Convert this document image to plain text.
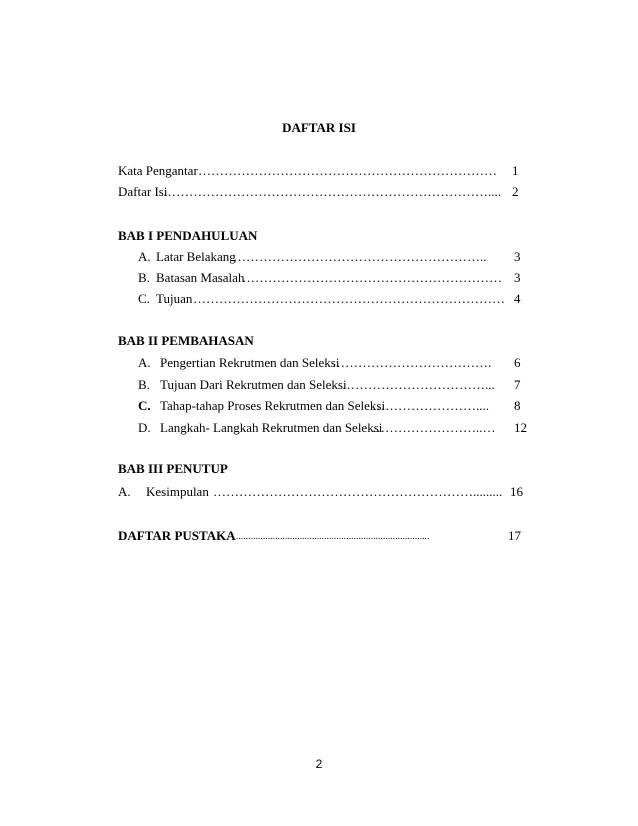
DAFTAR ISI
Kata Pengantar …………………………………………………………… 1
Daftar Isi
………………………………………………………………….... 2
BAB I PENDAHULUAN
A. Latar Belakang
………………………………………………….. 3
B. Batasan Masalah
…………………………………………………… 3
C. Tujuan ……………………………………………………………… 4
BAB II PEMBAHASAN
A. Pengertian Rekrutmen dan Seleksi
………………………………. 6
B. Tujuan Dari Rekrutmen dan Seleksi
……………………………... 7
C. Tahap-tahap Proses Rekrutmen dan Seleksi
…………………….... 8
D. Langkah- Langkah Rekrutmen dan Seleksi
……………………..… 12
BAB III PENUTUP
A. Kesimpulan ……………………………………………………......... 16
DAFTAR PUSTAKA ...............................................................................	17
2
